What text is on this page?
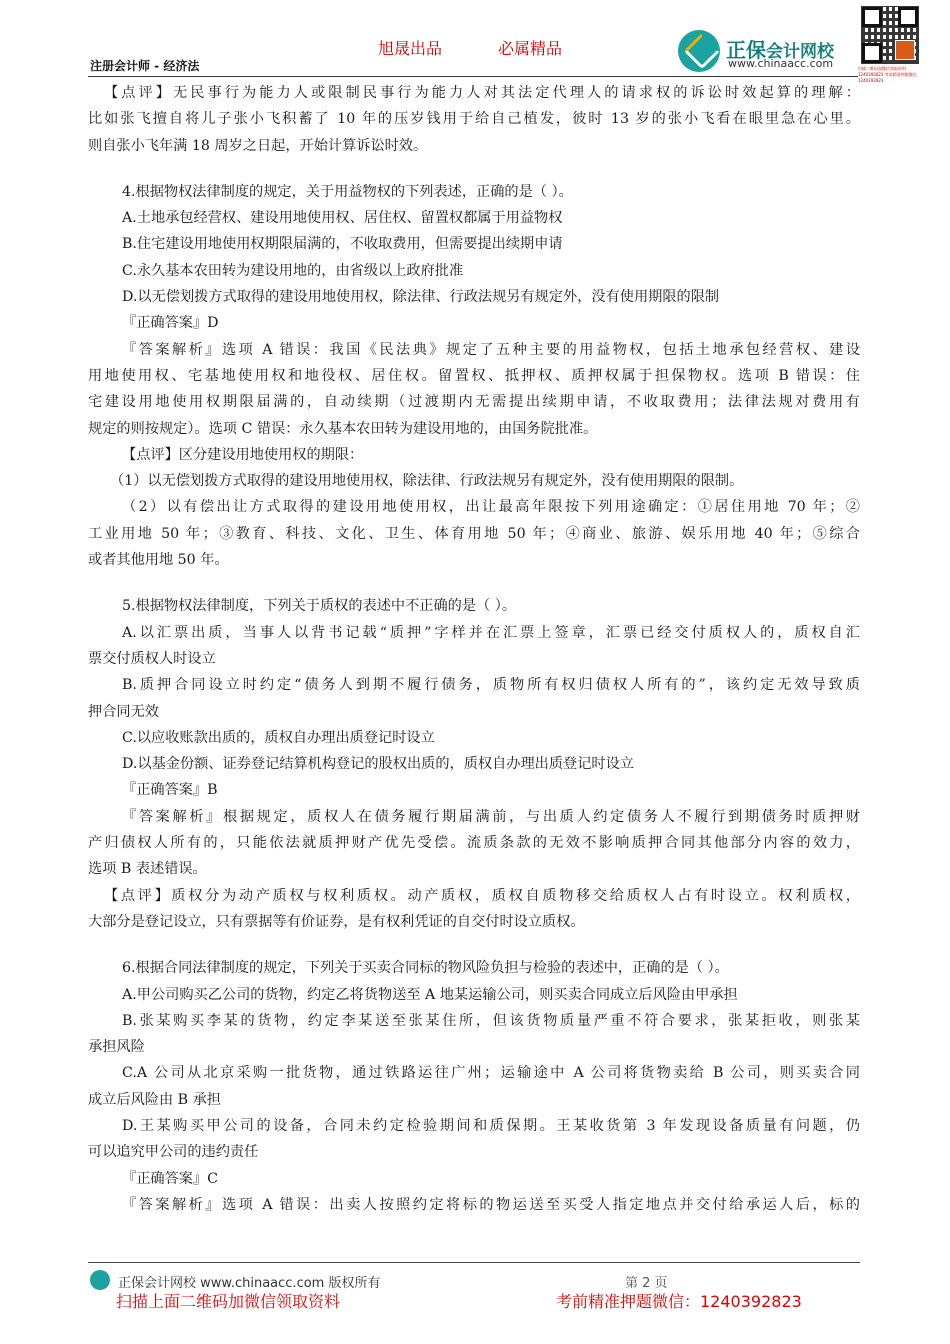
旭晟出品	必属精品
注册会计师 - 经济法
正保会计网校
www.chinaacc.com	扫描二维码加微信领取资料 1240392823 考前精准押题微信 1240392823
【点评】无民事行为能力人或限制民事行为能力人对其法定代理人的请求权的诉讼时效起算的理解：
比如张飞擅自将儿子张小飞积蓄了 10 年的压岁钱用于给自己植发，彼时 13 岁的张小飞看在眼里急在心里。
则自张小飞年满 18 周岁之日起，开始计算诉讼时效。
4.根据物权法律制度的规定，关于用益物权的下列表述，正确的是（ ）。
A.土地承包经营权、建设用地使用权、居住权、留置权都属于用益物权
B.住宅建设用地使用权期限届满的，不收取费用，但需要提出续期申请
C.永久基本农田转为建设用地的，由省级以上政府批准
D.以无偿划拨方式取得的建设用地使用权，除法律、行政法规另有规定外，没有使用期限的限制
『正确答案』D
『答案解析』选项 A 错误：我国《民法典》规定了五种主要的用益物权，包括土地承包经营权、建设
用地使用权、宅基地使用权和地役权、居住权。留置权、抵押权、质押权属于担保物权。选项 B 错误：住
宅建设用地使用权期限届满的，自动续期（过渡期内无需提出续期申请，不收取费用；法律法规对费用有
规定的则按规定）。选项 C 错误：永久基本农田转为建设用地的，由国务院批准。
【点评】区分建设用地使用权的期限：
（1）以无偿划拨方式取得的建设用地使用权，除法律、行政法规另有规定外，没有使用期限的限制。
（2）以有偿出让方式取得的建设用地使用权，出让最高年限按下列用途确定：①居住用地 70 年；②
工业用地 50 年；③教育、科技、文化、卫生、体育用地 50 年；④商业、旅游、娱乐用地 40 年；⑤综合
或者其他用地 50 年。
5.根据物权法律制度，下列关于质权的表述中不正确的是（ ）。
A.以汇票出质，当事人以背书记载“质押”字样并在汇票上签章，汇票已经交付质权人的，质权自汇
票交付质权人时设立
B.质押合同设立时约定“债务人到期不履行债务，质物所有权归债权人所有的”，该约定无效导致质
押合同无效
C.以应收账款出质的，质权自办理出质登记时设立
D.以基金份额、证券登记结算机构登记的股权出质的，质权自办理出质登记时设立
『正确答案』B
『答案解析』根据规定，质权人在债务履行期届满前，与出质人约定债务人不履行到期债务时质押财
产归债权人所有的，只能依法就质押财产优先受偿。流质条款的无效不影响质押合同其他部分内容的效力，
选项 B 表述错误。
【点评】质权分为动产质权与权利质权。动产质权，质权自质物移交给质权人占有时设立。权利质权，
大部分是登记设立，只有票据等有价证券，是有权利凭证的自交付时设立质权。
6.根据合同法律制度的规定，下列关于买卖合同标的物风险负担与检验的表述中，正确的是（ ）。
A.甲公司购买乙公司的货物，约定乙将货物送至 A 地某运输公司，则买卖合同成立后风险由甲承担
B.张某购买李某的货物，约定李某送至张某住所，但该货物质量严重不符合要求，张某拒收，则张某
承担风险
C.A 公司从北京采购一批货物，通过铁路运往广州；运输途中 A 公司将货物卖给 B 公司，则买卖合同
成立后风险由 B 承担
D.王某购买甲公司的设备，合同未约定检验期间和质保期。王某收货第 3 年发现设备质量有问题，仍
可以追究甲公司的违约责任
『正确答案』C
『答案解析』选项 A 错误：出卖人按照约定将标的物运送至买受人指定地点并交付给承运人后，标的
正保会计网校 www.chinaacc.com 版权所有	第 2 页
扫描上面二维码加微信领取资料	考前精准押题微信：1240392823
